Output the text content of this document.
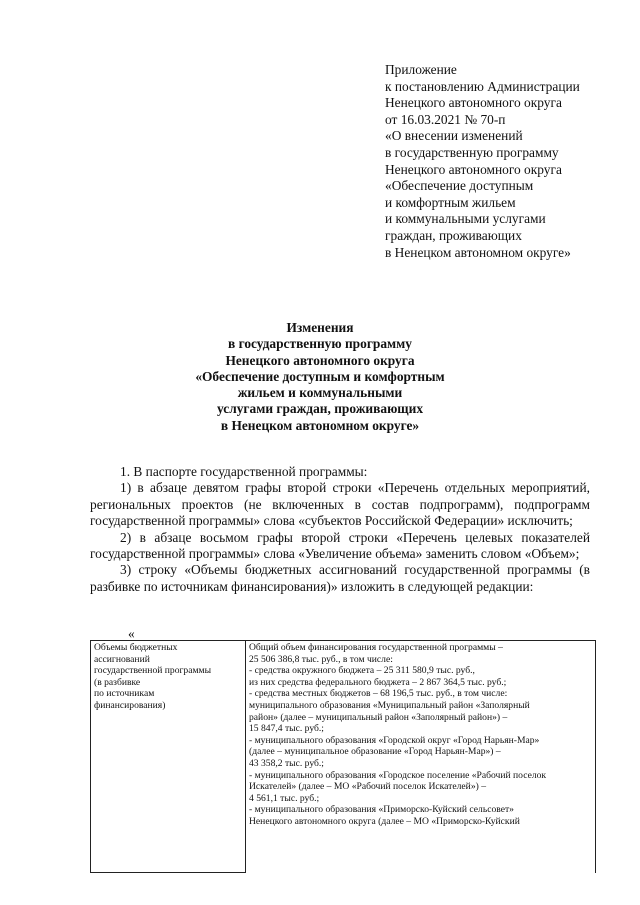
Приложение
к постановлению Администрации
Ненецкого автономного округа
от 16.03.2021 № 70-п
«О внесении изменений
в государственную программу
Ненецкого автономного округа
«Обеспечение доступным
и комфортным жильем
и коммунальными услугами
граждан, проживающих
в Ненецком автономном округе»
Изменения
в государственную программу
Ненецкого автономного округа
«Обеспечение доступным и комфортным
жильем и коммунальными
услугами граждан, проживающих
в Ненецком автономном округе»

1. В паспорте государственной программы:

1) в абзаце девятом графы второй строки «Перечень отдельных мероприятий, региональных проектов (не включенных в состав подпрограмм), подпрограмм государственной программы» слова «субъектов Российской Федерации» исключить;

2) в абзаце восьмом графы второй строки «Перечень целевых показателей государственной программы» слова «Увеличение объема» заменить словом «Объем»;

3) строку «Объемы бюджетных ассигнований государственной программы (в разбивке по источникам финансирования)» изложить в следующей редакции:

«
Объемы бюджетных
ассигнований
государственной программы
(в разбивке
по источникам
финансирования)

Общий объем финансирования государственной программы –
25 506 386,8 тыс. руб., в том числе:
- средства окружного бюджета – 25 311 580,9 тыс. руб.,
из них средства федерального бюджета – 2 867 364,5 тыс. руб.;
- средства местных бюджетов – 68 196,5 тыс. руб., в том числе:
муниципального образования «Муниципальный район «Заполярный
район» (далее – муниципальный район «Заполярный район») –
15 847,4 тыс. руб.;
- муниципального образования «Городской округ «Город Нарьян-Мар»
(далее – муниципальное образование «Город Нарьян-Мар») –
43 358,2 тыс. руб.;
- муниципального образования «Городское поселение «Рабочий поселок
Искателей» (далее – МО «Рабочий поселок Искателей») –
4 561,1 тыс. руб.;
- муниципального образования «Приморско-Куйский сельсовет»
Ненецкого автономного округа (далее – МО «Приморско-Куйский
